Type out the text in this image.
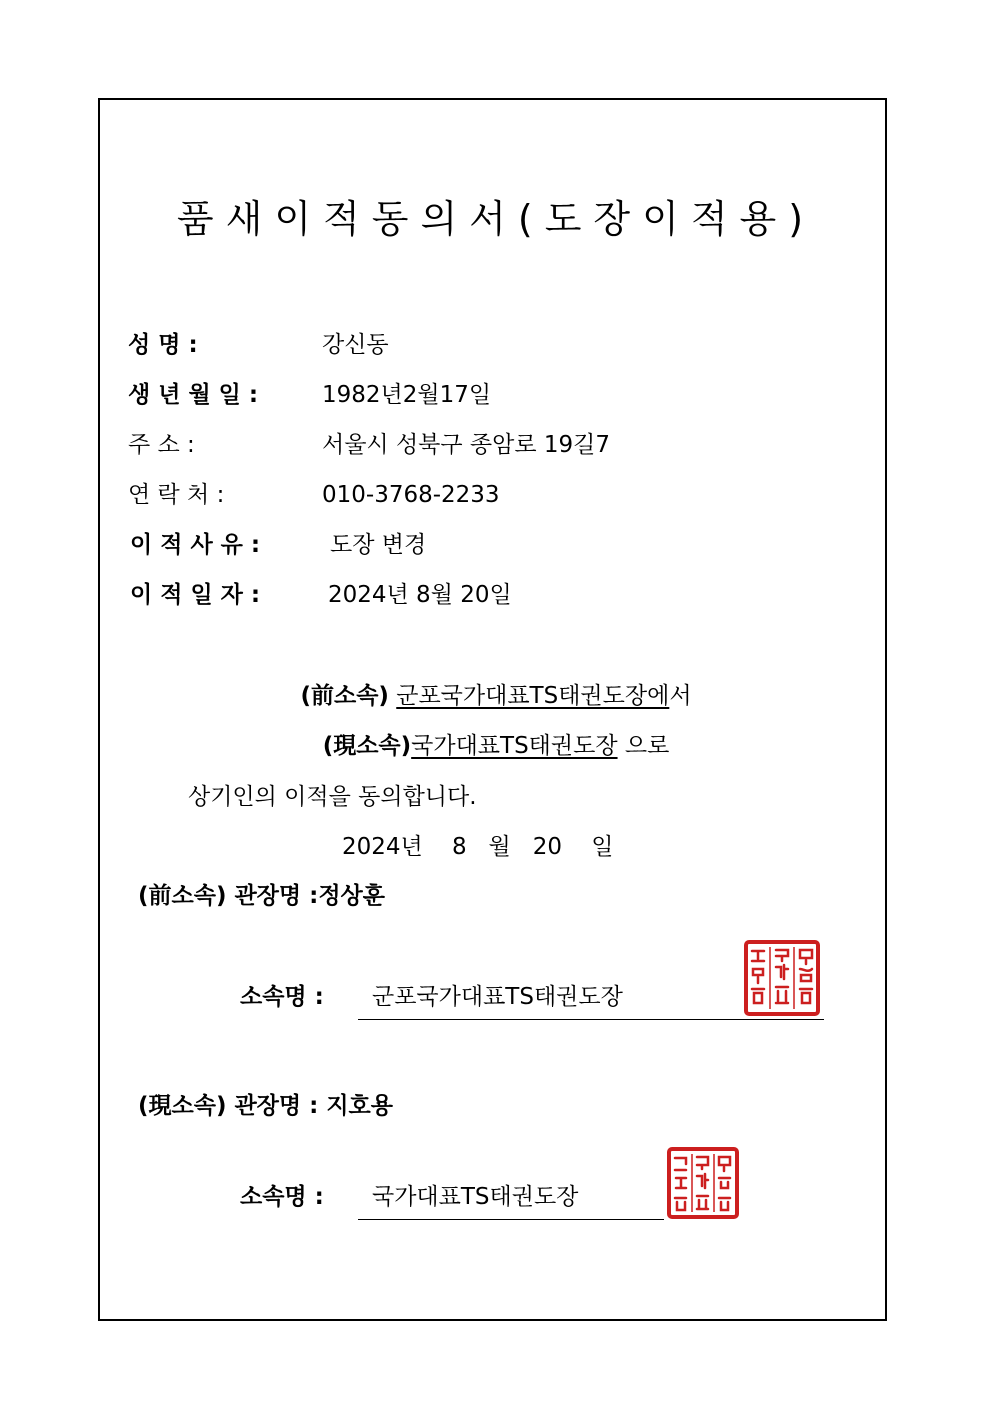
품새이적동의서(도장이적용)
성 명 :	강신동
생 년 월 일 :	1982년2월17일
주 소 :	서울시 성북구 종암로 19길7
연 락 처 :	010-3768-2233
이 적 사 유 :	도장 변경
이 적 일 자 :	2024년 8월 20일
(前소속) 군포국가대표TS태권도장에서
(現소속)국가대표TS태권도장 으로
상기인의 이적을 동의합니다.
2024년    8   월   20    일
(前소속) 관장명 :정상훈
소속명 : 군포국가대표TS태권도장
(現소속) 관장명 : 지호용
소속명 : 국가대표TS태권도장
